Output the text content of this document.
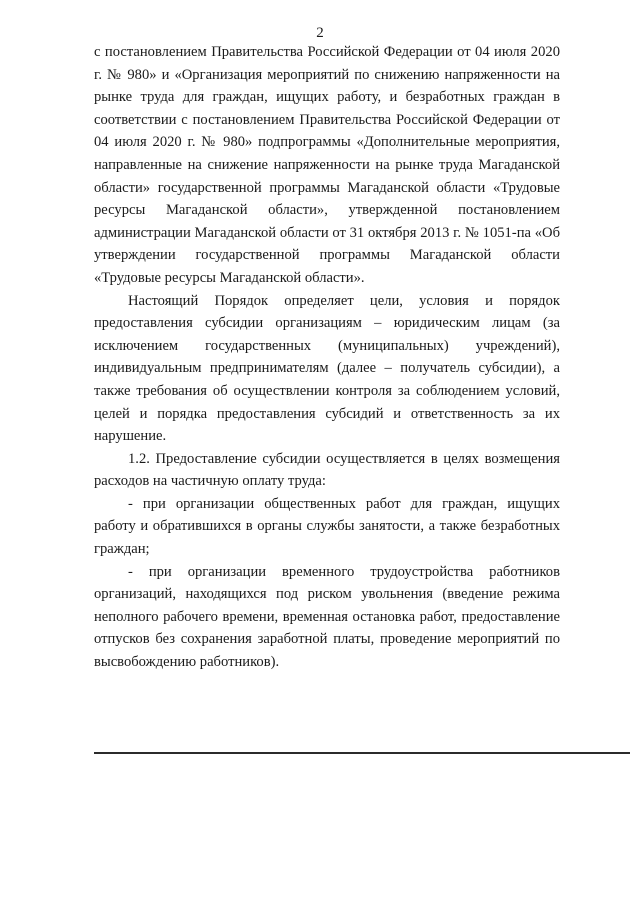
2

с постановлением Правительства Российской Федерации от 04 июля 2020 г. № 980» и «Организация мероприятий по снижению напряженности на рынке труда для граждан, ищущих работу, и безработных граждан в соответствии с постановлением Правительства Российской Федерации от 04 июля 2020 г. № 980» подпрограммы «Дополнительные мероприятия, направленные на снижение напряженности на рынке труда Магаданской области» государственной программы Магаданской области «Трудовые ресурсы Магаданской области», утвержденной постановлением администрации Магаданской области от 31 октября 2013 г. № 1051-па «Об утверждении государственной программы Магаданской области «Трудовые ресурсы Магаданской области».

Настоящий Порядок определяет цели, условия и порядок предоставления субсидии организациям – юридическим лицам (за исключением государственных (муниципальных) учреждений), индивидуальным предпринимателям (далее – получатель субсидии), а также требования об осуществлении контроля за соблюдением условий, целей и порядка предоставления субсидий и ответственность за их нарушение.

1.2. Предоставление субсидии осуществляется в целях возмещения расходов на частичную оплату труда:

- при организации общественных работ для граждан, ищущих работу и обратившихся в органы службы занятости, а также безработных граждан;

- при организации временного трудоустройства работников организаций, находящихся под риском увольнения (введение режима неполного рабочего времени, временная остановка работ, предоставление отпусков без сохранения заработной платы, проведение мероприятий по высвобождению работников).
